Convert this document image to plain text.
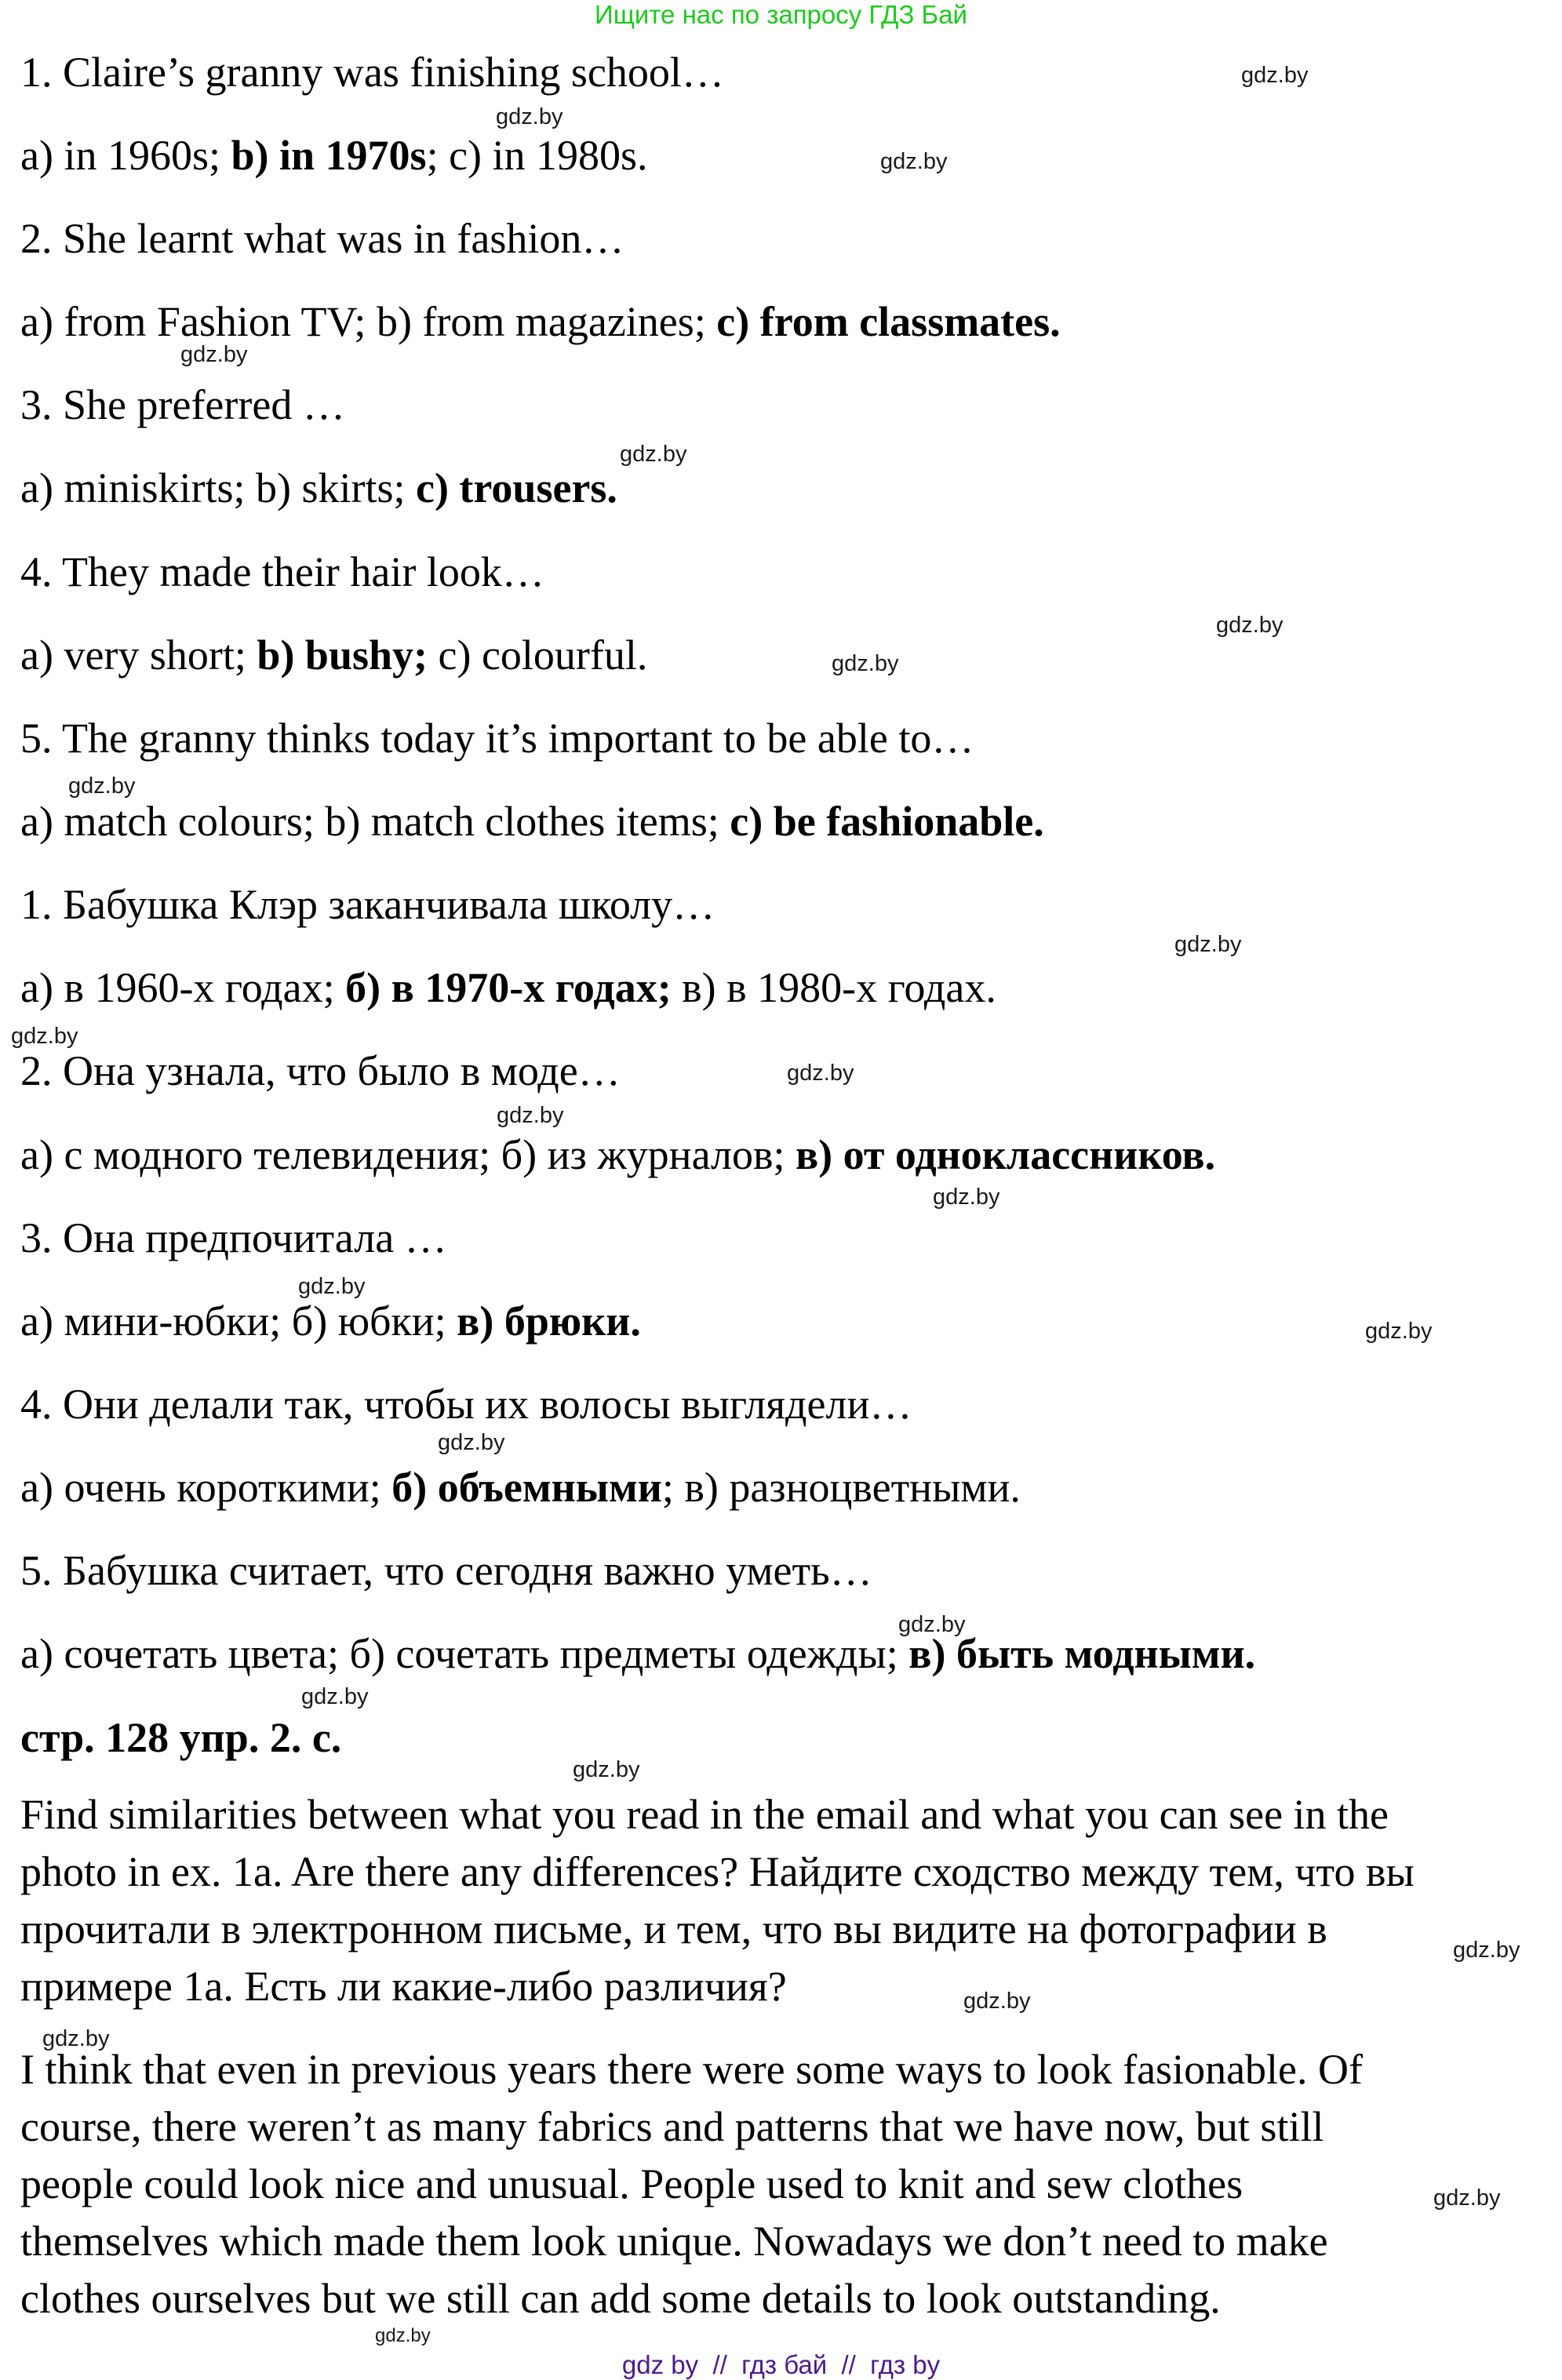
Ищите нас по запросу ГДЗ Бай
1. Claire’s granny was finishing school…
a) in 1960s; b) in 1970s; c) in 1980s.
2. She learnt what was in fashion…
a) from Fashion TV; b) from magazines; c) from classmates.
3. She preferred …
a) miniskirts; b) skirts; c) trousers.
4. They made their hair look…
a) very short; b) bushy; c) colourful.
5. The granny thinks today it’s important to be able to…
a) match colours; b) match clothes items; c) be fashionable.
1. Бабушка Клэр заканчивала школу…
а) в 1960-х годах; б) в 1970-х годах; в) в 1980-х годах.
2. Она узнала, что было в моде…
а) с модного телевидения; б) из журналов; в) от одноклассников.
3. Она предпочитала …
а) мини-юбки; б) юбки; в) брюки.
4. Они делали так, чтобы их волосы выглядели…
а) очень короткими; б) объемными; в) разноцветными.
5. Бабушка считает, что сегодня важно уметь…
а) сочетать цвета; б) сочетать предметы одежды; в) быть модными.
стр. 128 упр. 2. c.
Find similarities between what you read in the email and what you can see in the
photo in ex. 1a. Are there any differences? Найдите сходство между тем, что вы
прочитали в электронном письме, и тем, что вы видите на фотографии в
примере 1a. Есть ли какие-либо различия?
I think that even in previous years there were some ways to look fasionable. Of
course, there weren’t as many fabrics and patterns that we have now, but still
people could look nice and unusual. People used to knit and sew clothes
themselves which made them look unique. Nowadays we don’t need to make
clothes ourselves but we still can add some details to look outstanding.
gdz.by
gdz.by
gdz.by
gdz.by
gdz.by
gdz.by
gdz.by
gdz.by
gdz.by
gdz.by
gdz.by
gdz.by
gdz.by
gdz.by
gdz.by
gdz.by
gdz.by
gdz.by
gdz.by
gdz.by
gdz.by
gdz.by
gdz.by
gdz.by
gdz by  //  гдз бай  //  гдз by
